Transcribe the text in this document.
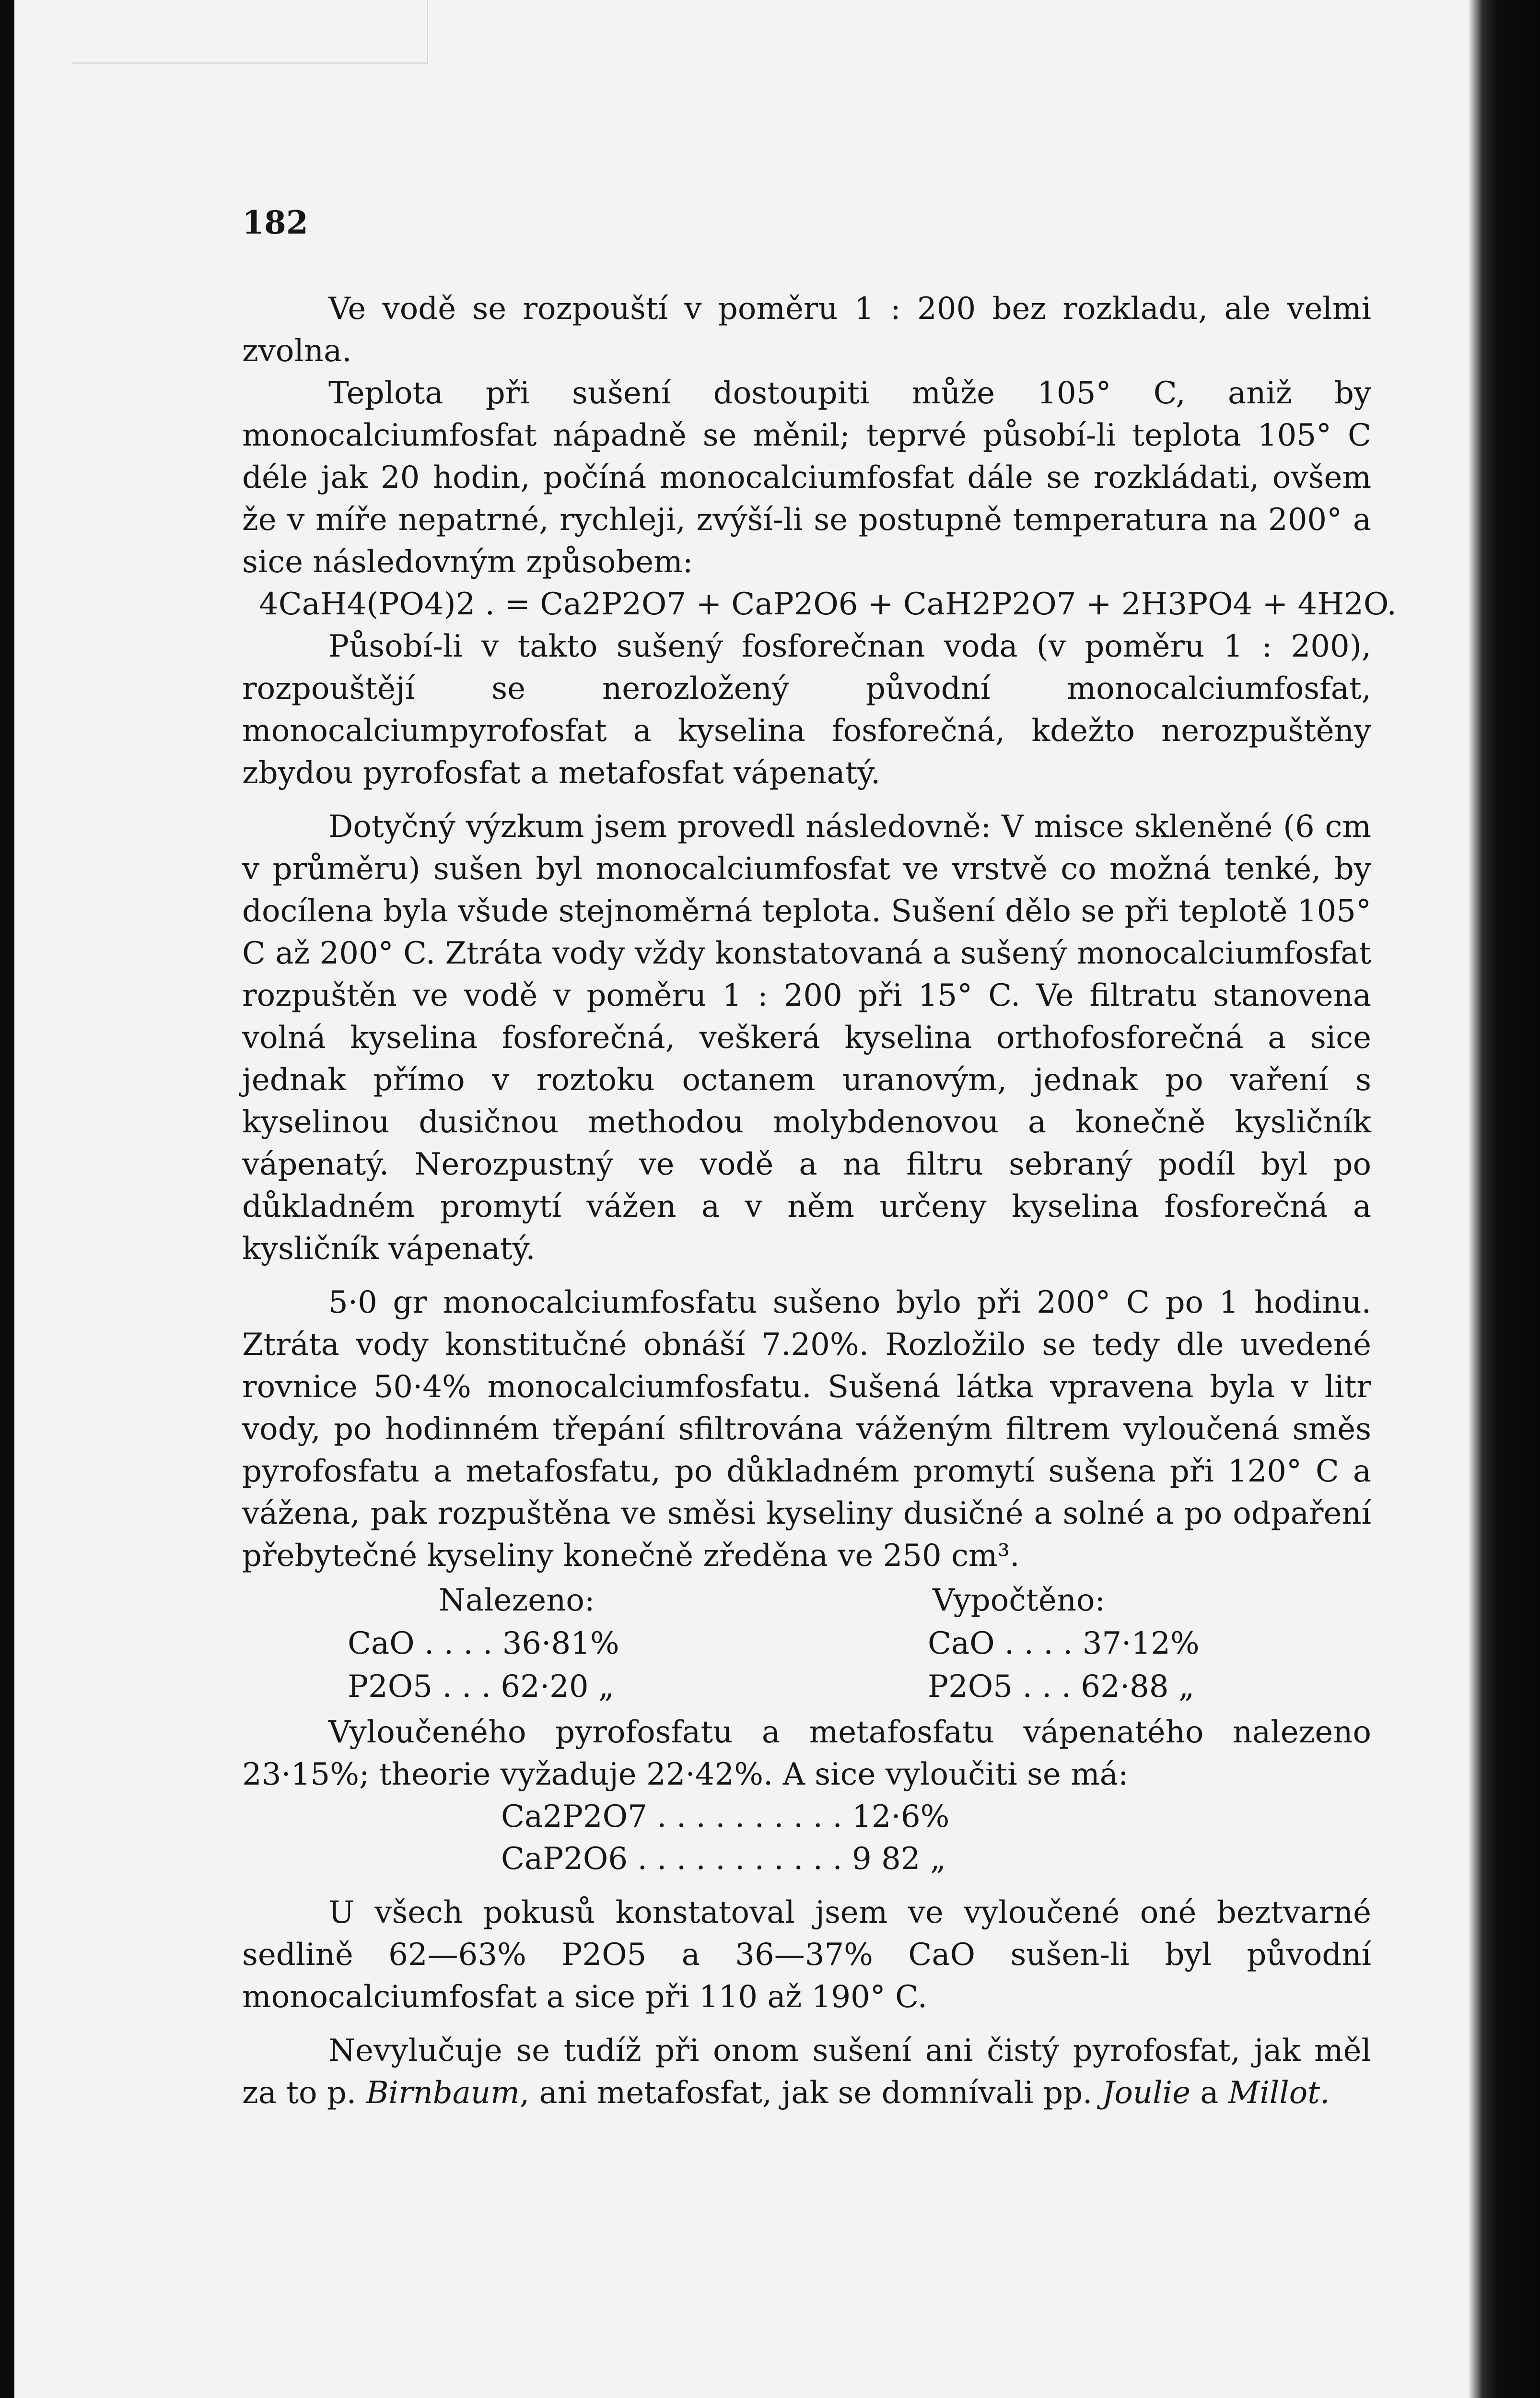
182

Ve vodě se rozpouští v poměru 1 : 200 bez rozkladu, ale velmi zvolna.

Teplota při sušení dostoupiti může 105° C, aniž by monocalciumfosfat nápadně se měnil; teprvé působí-li teplota 105° C déle jak 20 hodin, počíná monocalciumfosfat dále se rozkládati, ovšem že v míře nepatrné, rychleji, zvýší-li se postupně temperatura na 200° a sice následovným způsobem:

4CaH4(PO4)2 . = Ca2P2O7 + CaP2O6 + CaH2P2O7 + 2H3PO4 + 4H2O.

Působí-li v takto sušený fosforečnan voda (v poměru 1 : 200), rozpouštějí se nerozložený původní monocalciumfosfat, monocalciumpyrofosfat a kyselina fosforečná, kdežto nerozpuštěny zbydou pyrofosfat a metafosfat vápenatý.

Dotyčný výzkum jsem provedl následovně: V misce skleněné (6 cm v průměru) sušen byl monocalciumfosfat ve vrstvě co možná tenké, by docílena byla všude stejnoměrná teplota. Sušení dělo se při teplotě 105° C až 200° C. Ztráta vody vždy konstatovaná a sušený monocalciumfosfat rozpuštěn ve vodě v poměru 1 : 200 při 15° C. Ve filtratu stanovena volná kyselina fosforečná, veškerá kyselina orthofosforečná a sice jednak přímo v roztoku octanem uranovým, jednak po vaření s kyselinou dusičnou methodou molybdenovou a konečně kysličník vápenatý. Nerozpustný ve vodě a na filtru sebraný podíl byl po důkladném promytí vážen a v něm určeny kyselina fosforečná a kysličník vápenatý.

5·0 gr monocalciumfosfatu sušeno bylo při 200° C po 1 hodinu. Ztráta vody konstitučné obnáší 7.20%. Rozložilo se tedy dle uvedené rovnice 50·4% monocalciumfosfatu. Sušená látka vpravena byla v litr vody, po hodinném třepání sfiltrována váženým filtrem vyloučená směs pyrofosfatu a metafosfatu, po důkladném promytí sušena při 120° C a vážena, pak rozpuštěna ve směsi kyseliny dusičné a solné a po odpaření přebytečné kyseliny konečně zředěna ve 250 cm³.

Nalezeno:	Vypočtěno:
CaO . . . . 36·81%
P2O5 . . . 62·20 „
CaO . . . . 37·12%
P2O5 . . . 62·88 „

Vyloučeného pyrofosfatu a metafosfatu vápenatého nalezeno 23·15%; theorie vyžaduje 22·42%. A sice vyloučiti se má:

Ca2P2O7 . . . . . . . . . . 12·6%
CaP2O6 . . . . . . . . . . . 9 82 „

U všech pokusů konstatoval jsem ve vyloučené oné beztvarné sedlině 62—63% P2O5 a 36—37% CaO sušen-li byl původní monocalciumfosfat a sice při 110 až 190° C.

Nevylučuje se tudíž při onom sušení ani čistý pyrofosfat, jak měl za to p. Birnbaum, ani metafosfat, jak se domnívali pp. Joulie a Millot.
